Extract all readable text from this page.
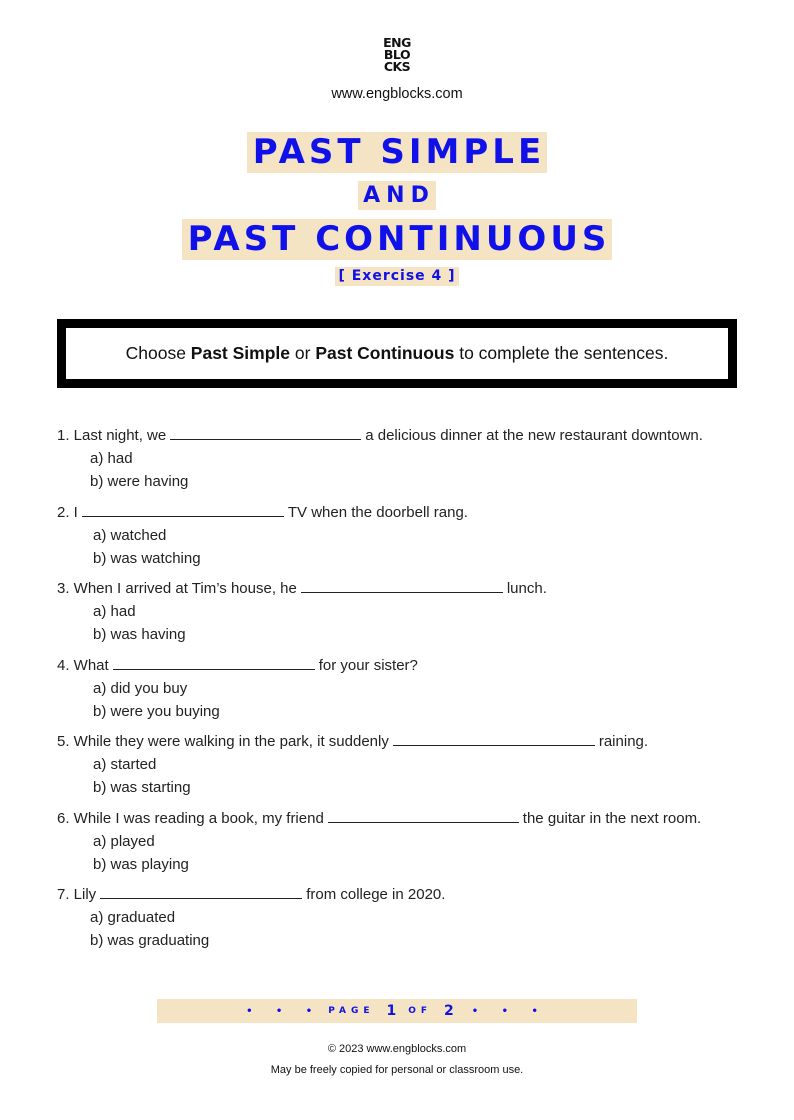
ENG
BLO
CKS
www.engblocks.com
PAST SIMPLE
AND
PAST CONTINUOUS
[ Exercise 4 ]
Choose Past Simple or Past Continuous to complete the sentences.
1. Last night, we	a delicious dinner at the new restaurant downtown.
a) had
b) were having
2. I	TV when the doorbell rang.
a) watched
b) was watching
3. When I arrived at Tim’s house, he	lunch.
a) had
b) was having
4. What	for your sister?
a) did you buy
b) were you buying
5. While they were walking in the park, it suddenly	raining.
a) started
b) was starting
6. While I was reading a book, my friend	the guitar in the next room.
a) played
b) was playing
7. Lily	from college in 2020.
a) graduated
b) was graduating
• • • PAGE 1 OF 2 • • •
© 2023 www.engblocks.com
May be freely copied for personal or classroom use.
